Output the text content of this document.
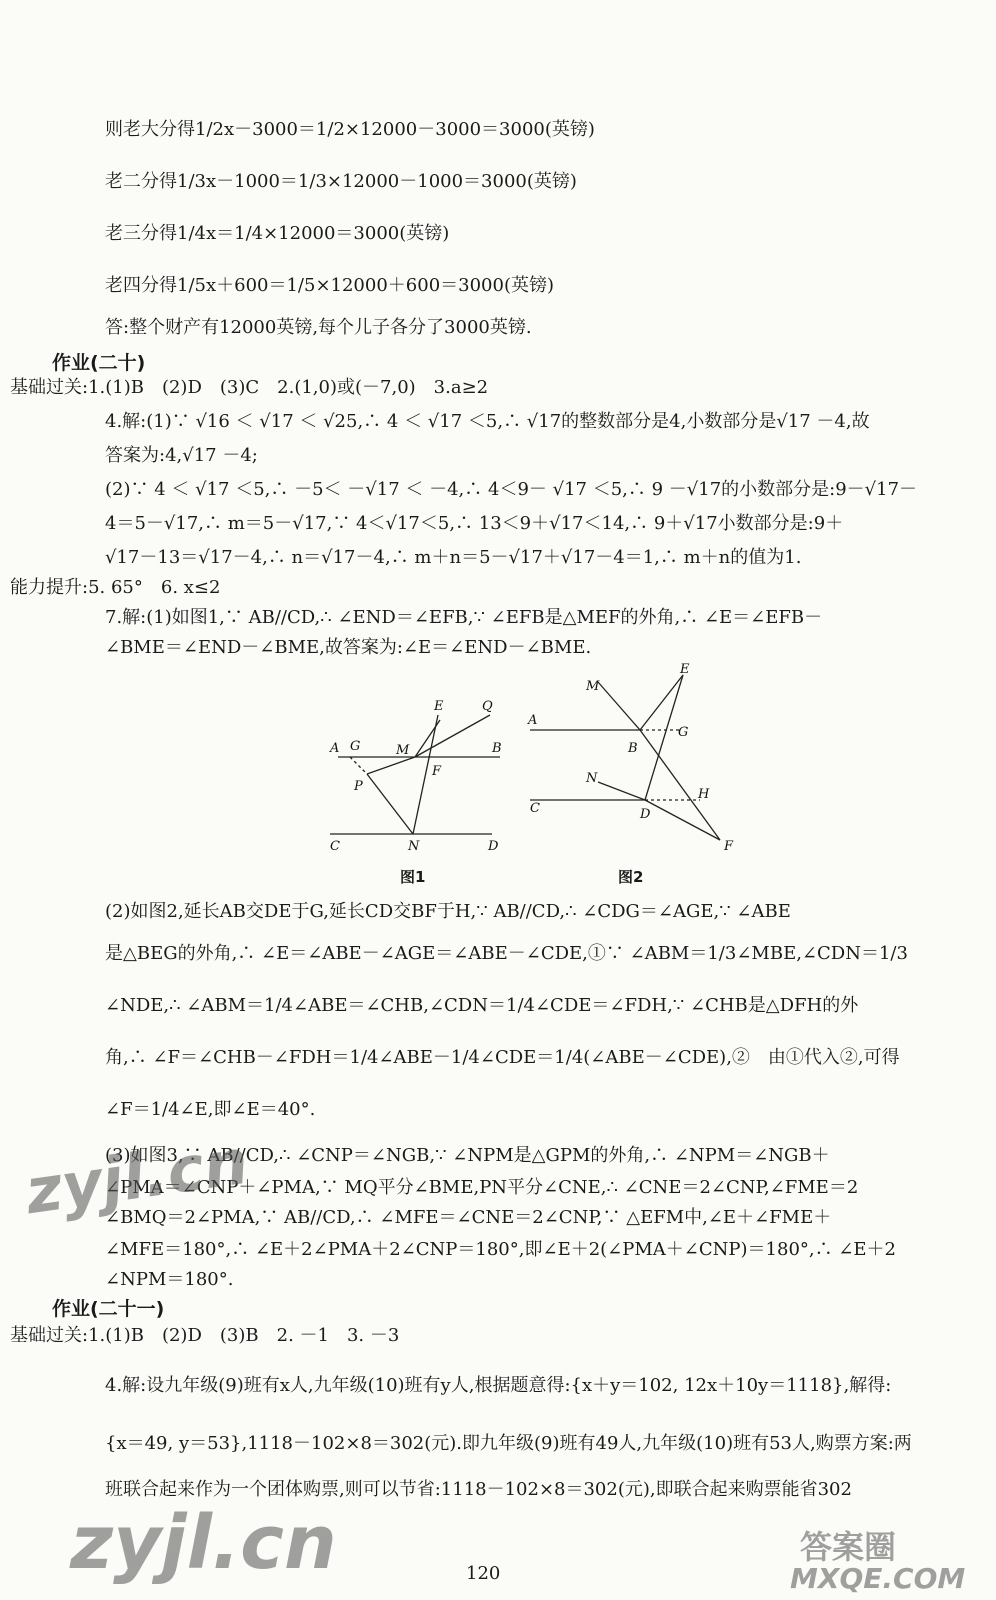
则老大分得1/2x－3000＝1/2×12000－3000＝3000(英镑)
老二分得1/3x－1000＝1/3×12000－1000＝3000(英镑)
老三分得1/4x＝1/4×12000＝3000(英镑)
老四分得1/5x＋600＝1/5×12000＋600＝3000(英镑)
答:整个财产有12000英镑,每个儿子各分了3000英镑.
作业(二十)
基础过关:1.(1)B　(2)D　(3)C　2.(1,0)或(－7,0)　3.a≥2
4.解:(1)∵ √16 ＜ √17 ＜ √25,∴ 4 ＜ √17 ＜5,∴ √17的整数部分是4,小数部分是√17 －4,故
答案为:4,√17 －4;
(2)∵ 4 ＜ √17 ＜5,∴ －5＜ －√17 ＜ －4,∴ 4＜9－ √17 ＜5,∴ 9 －√17的小数部分是:9－√17－
4＝5－√17,∴ m＝5－√17,∵ 4＜√17＜5,∴ 13＜9＋√17＜14,∴ 9＋√17小数部分是:9＋
√17－13＝√17－4,∴ n＝√17－4,∴ m＋n＝5－√17＋√17－4＝1,∴ m＋n的值为1.
能力提升:5. 65°　6. x≤2
7.解:(1)如图1,∵ AB//CD,∴ ∠END＝∠EFB,∵ ∠EFB是△MEF的外角,∴ ∠E＝∠EFB－
∠BME＝∠END－∠BME,故答案为:∠E＝∠END－∠BME.
A G	M
E	Q
B
P
F
C	N	D
图1
M
E
A
B
G
N
H
C	D
F
图2
(2)如图2,延长AB交DE于G,延长CD交BF于H,∵ AB//CD,∴ ∠CDG＝∠AGE,∵ ∠ABE
是△BEG的外角,∴ ∠E＝∠ABE－∠AGE＝∠ABE－∠CDE,①∵ ∠ABM＝1/3∠MBE,∠CDN＝1/3
∠NDE,∴ ∠ABM＝1/4∠ABE＝∠CHB,∠CDN＝1/4∠CDE＝∠FDH,∵ ∠CHB是△DFH的外
角,∴ ∠F＝∠CHB－∠FDH＝1/4∠ABE－1/4∠CDE＝1/4(∠ABE－∠CDE),②　由①代入②,可得
∠F＝1/4∠E,即∠E＝40°.
(3)如图3,∵ AB//CD,∴ ∠CNP＝∠NGB,∵ ∠NPM是△GPM的外角,∴ ∠NPM＝∠NGB＋
∠PMA＝∠CNP＋∠PMA,∵ MQ平分∠BME,PN平分∠CNE,∴ ∠CNE＝2∠CNP,∠FME＝2
∠BMQ＝2∠PMA,∵ AB//CD,∴ ∠MFE＝∠CNE＝2∠CNP,∵ △EFM中,∠E＋∠FME＋
∠MFE＝180°,∴ ∠E＋2∠PMA＋2∠CNP＝180°,即∠E＋2(∠PMA＋∠CNP)＝180°,∴ ∠E＋2
∠NPM＝180°.
作业(二十一)
基础过关:1.(1)B　(2)D　(3)B　2. －1　3. －3
4.解:设九年级(9)班有x人,九年级(10)班有y人,根据题意得:{x＋y＝102, 12x＋10y＝1118},解得:
{x＝49, y＝53},1118－102×8＝302(元).即九年级(9)班有49人,九年级(10)班有53人,购票方案:两
班联合起来作为一个团体购票,则可以节省:1118－102×8＝302(元),即联合起来购票能省302
120
zyjl.cn
zyjl.cn	答案圈
MXQE.COM
